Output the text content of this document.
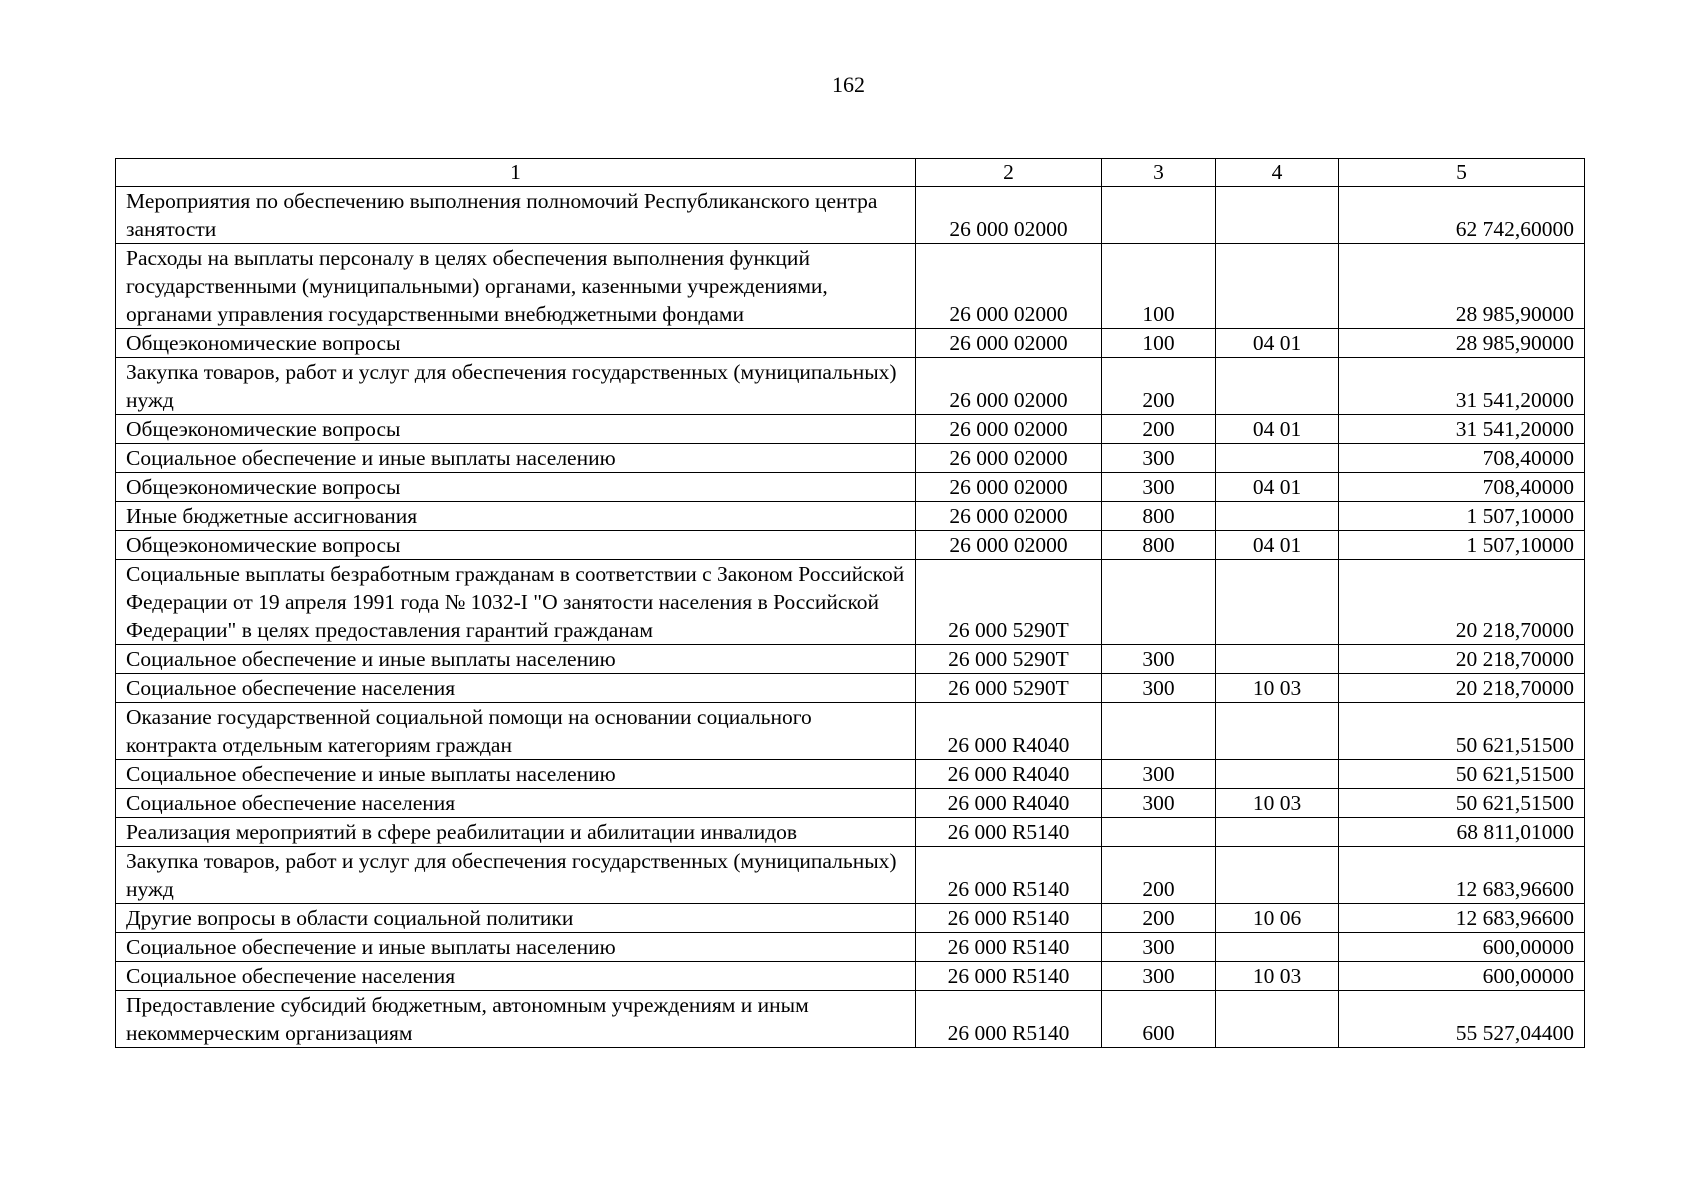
162
1	2	3	4	5
Мероприятия по обеспечению выполнения полномочий Республиканского центра занятости	26 000 02000			62 742,60000
Расходы на выплаты персоналу в целях обеспечения выполнения функций государственными (муниципальными) органами, казенными учреждениями, органами управления государственными внебюджетными фондами	26 000 02000	100		28 985,90000
Общеэкономические вопросы	26 000 02000	100	04 01	28 985,90000
Закупка товаров, работ и услуг для обеспечения государственных (муниципальных) нужд	26 000 02000	200		31 541,20000
Общеэкономические вопросы	26 000 02000	200	04 01	31 541,20000
Социальное обеспечение и иные выплаты населению	26 000 02000	300		708,40000
Общеэкономические вопросы	26 000 02000	300	04 01	708,40000
Иные бюджетные ассигнования	26 000 02000	800		1 507,10000
Общеэкономические вопросы	26 000 02000	800	04 01	1 507,10000
Социальные выплаты безработным гражданам в соответствии с Законом Российской Федерации от 19 апреля 1991 года № 1032-I "О занятости населения в Российской Федерации" в целях предоставления гарантий гражданам	26 000 5290Т			20 218,70000
Социальное обеспечение и иные выплаты населению	26 000 5290Т	300		20 218,70000
Социальное обеспечение населения	26 000 5290Т	300	10 03	20 218,70000
Оказание государственной социальной помощи на основании социального контракта отдельным категориям граждан	26 000 R4040			50 621,51500
Социальное обеспечение и иные выплаты населению	26 000 R4040	300		50 621,51500
Социальное обеспечение населения	26 000 R4040	300	10 03	50 621,51500
Реализация мероприятий в сфере реабилитации и абилитации инвалидов	26 000 R5140			68 811,01000
Закупка товаров, работ и услуг для обеспечения государственных (муниципальных) нужд	26 000 R5140	200		12 683,96600
Другие вопросы в области социальной политики	26 000 R5140	200	10 06	12 683,96600
Социальное обеспечение и иные выплаты населению	26 000 R5140	300		600,00000
Социальное обеспечение населения	26 000 R5140	300	10 03	600,00000
Предоставление субсидий бюджетным, автономным учреждениям и иным некоммерческим организациям	26 000 R5140	600		55 527,04400
